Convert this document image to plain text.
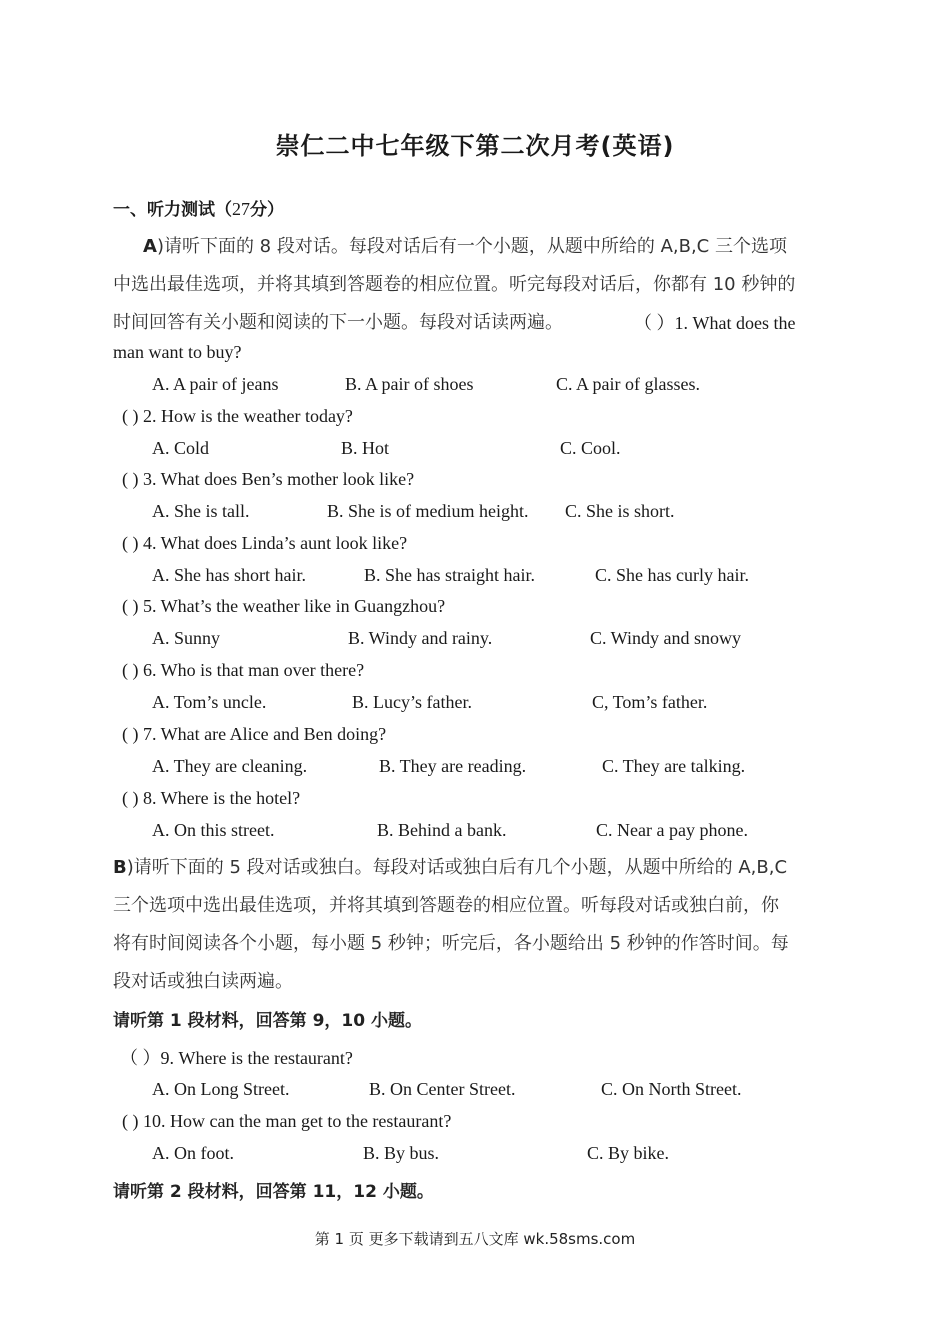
崇仁二中七年级下第二次月考(英语)
一、听力测试（27分）
A)请听下面的 8 段对话。每段对话后有一个小题，从题中所给的 A,B,C 三个选项
中选出最佳选项，并将其填到答题卷的相应位置。听完每段对话后，你都有 10 秒钟的
时间回答有关小题和阅读的下一小题。每段对话读两遍。	（ ）1. What does the
man want to buy?
A. A pair of jeans	B. A pair of shoes	C. A pair of glasses.
( ) 2. How is the weather today?
A. Cold	B. Hot	C. Cool.
( ) 3. What does Ben’s mother look like?
A. She is tall.	B. She is of medium height. C. She is short.
( ) 4. What does Linda’s aunt look like?
A. She has short hair.	B. She has straight hair.	C. She has curly hair.
( ) 5. What’s the weather like in Guangzhou?
A. Sunny	B. Windy and rainy.	C. Windy and snowy
( ) 6. Who is that man over there?
A. Tom’s uncle.	B. Lucy’s father.	C, Tom’s father.
( ) 7. What are Alice and Ben doing?
A. They are cleaning.	B. They are reading.	C. They are talking.
( ) 8. Where is the hotel?
A. On this street.	B. Behind a bank.	C. Near a pay phone.
B)请听下面的 5 段对话或独白。每段对话或独白后有几个小题，从题中所给的 A,B,C
三个选项中选出最佳选项，并将其填到答题卷的相应位置。听每段对话或独白前，你
将有时间阅读各个小题，每小题 5 秒钟；听完后，各小题给出 5 秒钟的作答时间。每
段对话或独白读两遍。
请听第 1 段材料，回答第 9，10 小题。
（ ）9. Where is the restaurant?
A. On Long Street.	B. On Center Street.	C. On North Street.
( ) 10. How can the man get to the restaurant?
A. On foot.	B. By bus.	C. By bike.
请听第 2 段材料，回答第 11，12 小题。
第 1 页 更多下载请到五八文库 wk.58sms.com
